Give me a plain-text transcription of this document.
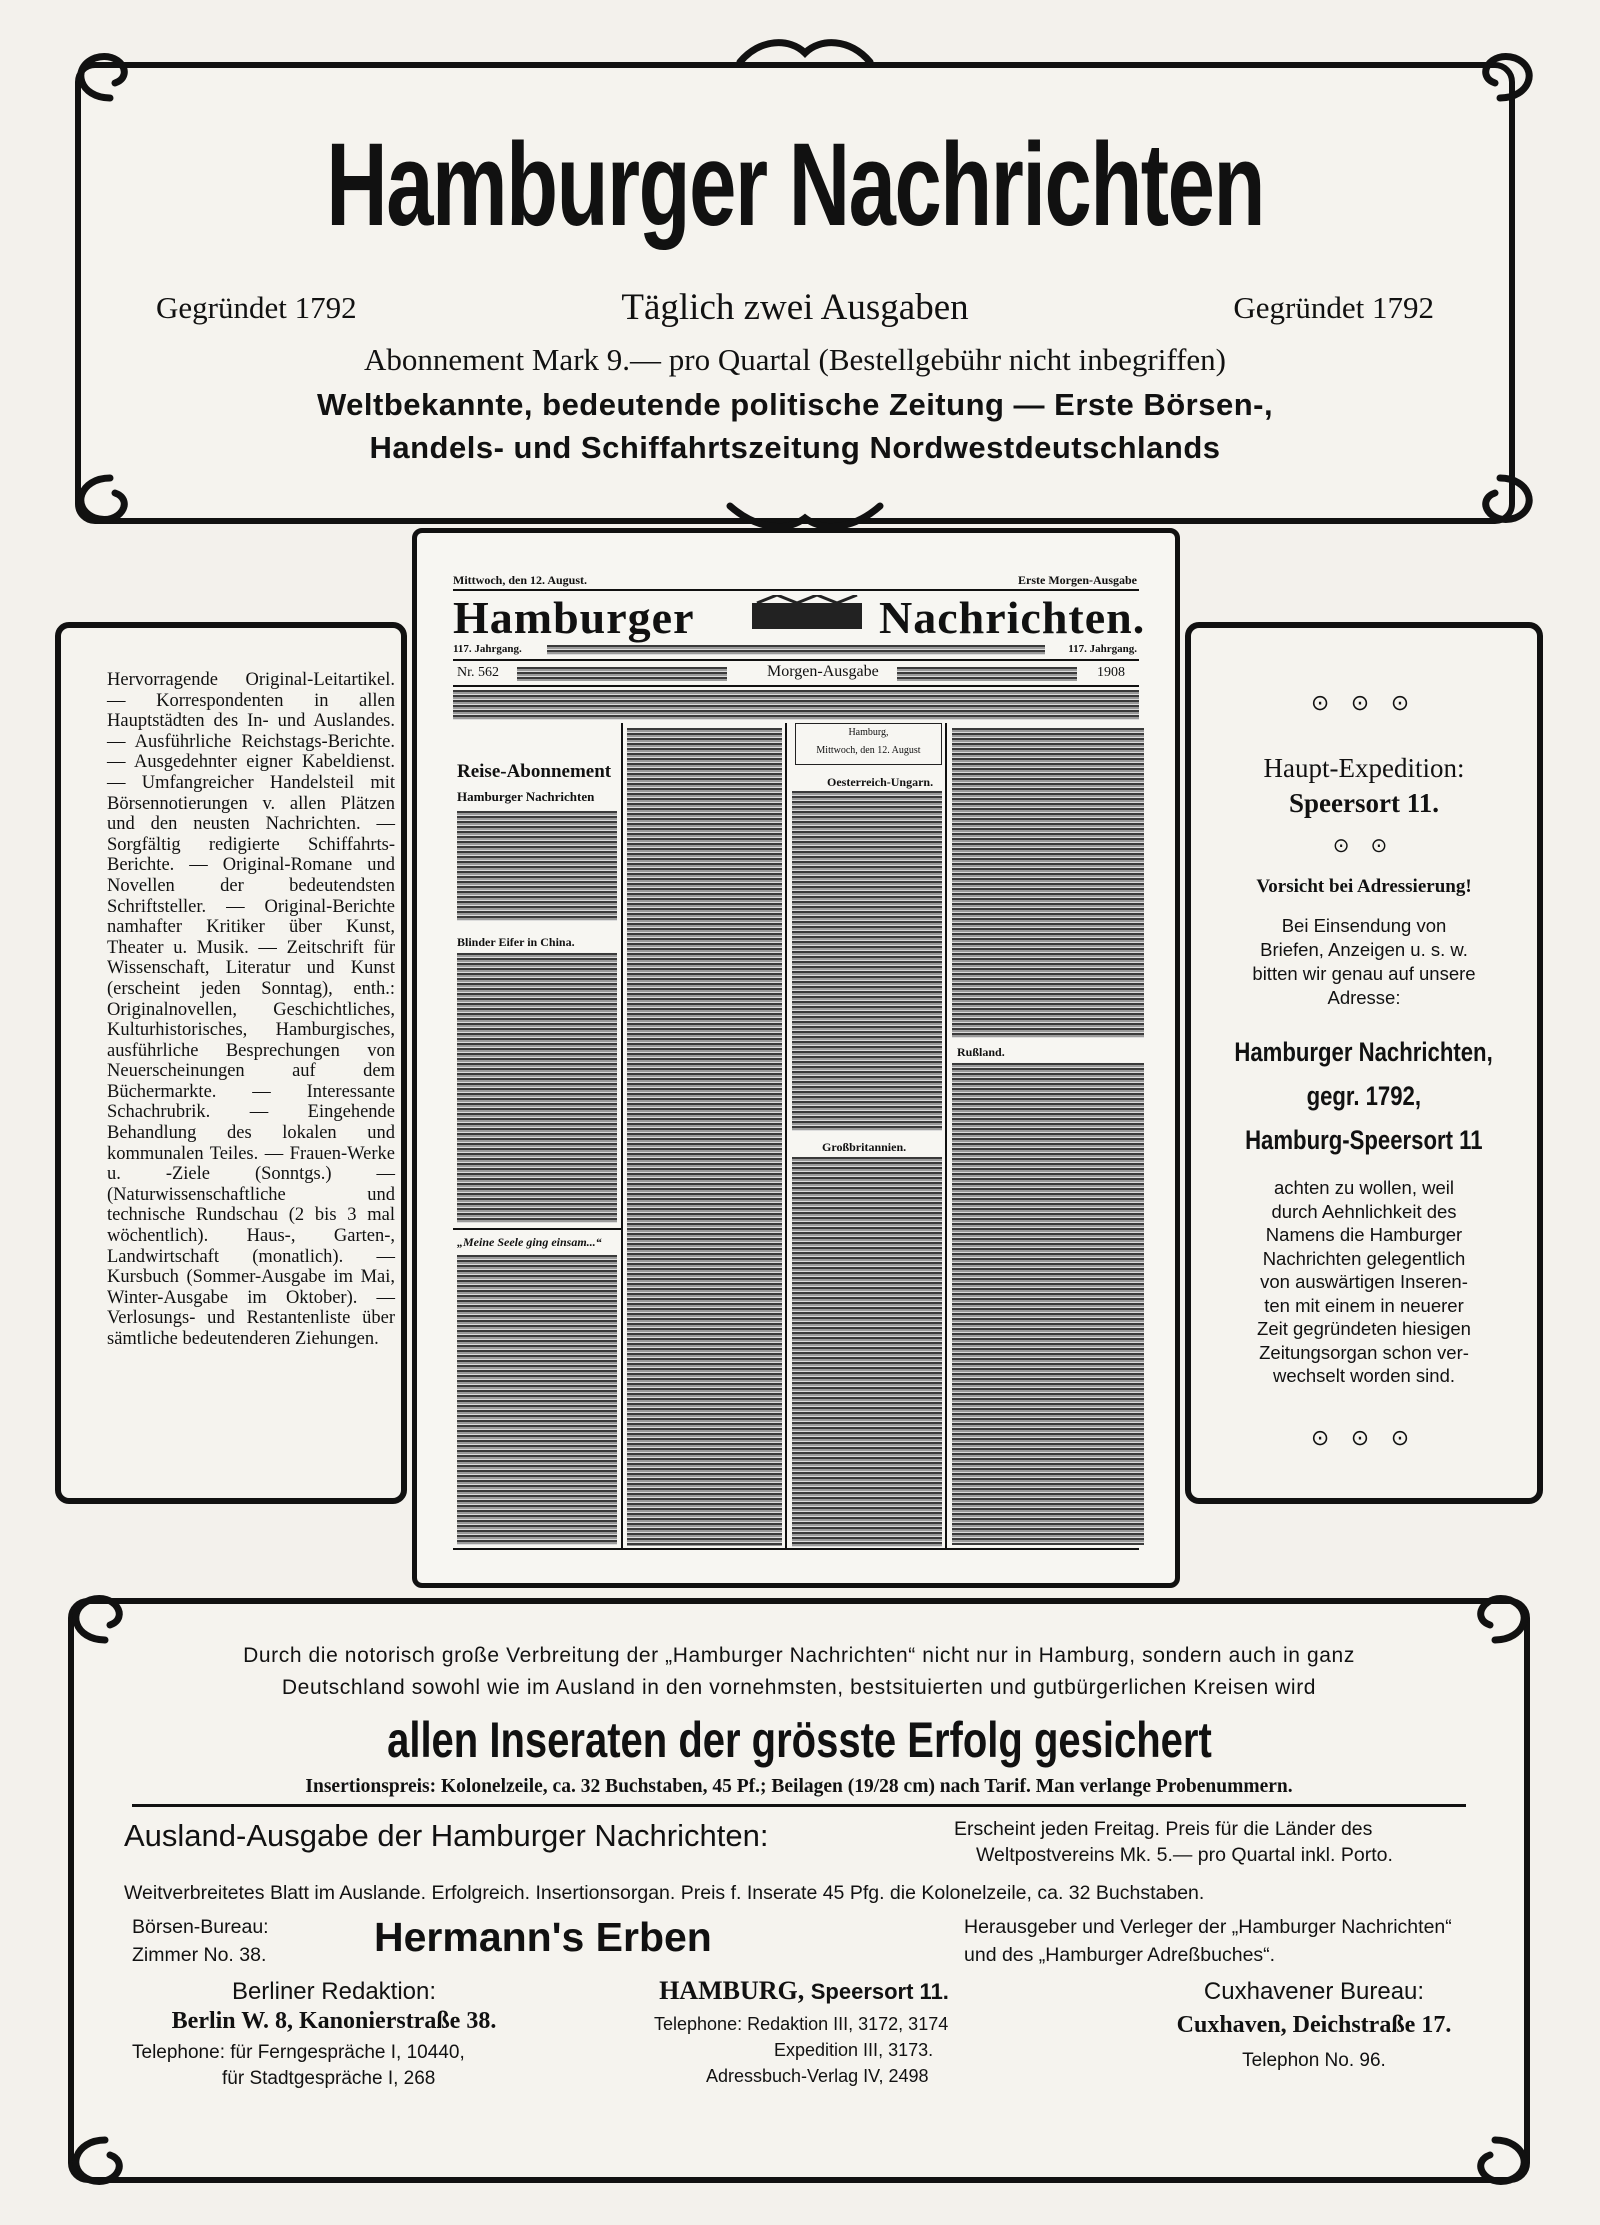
Hamburger Nachrichten
Gegründet 1792	Gegründet 1792
Täglich zwei Ausgaben
Abonnement Mark 9.— pro Quartal (Bestellgebühr nicht inbegriffen)
Weltbekannte, bedeutende politische Zeitung — Erste Börsen-,
Handels- und Schiffahrtszeitung Nordwestdeutschlands
Hervorragende Original-Leitartikel. — Korrespondenten in allen Hauptstädten des In- und Auslandes. — Ausführliche Reichstags-Berichte. — Ausgedehnter eigner Kabeldienst. — Umfangreicher Handelsteil mit Börsennotierungen v. allen Plätzen und den neusten Nachrichten. — Sorgfältig redigierte Schiffahrts-Berichte. — Original-Romane und Novellen der bedeutendsten Schriftsteller. — Original-Berichte namhafter Kritiker über Kunst, Theater u. Musik. — Zeitschrift für Wissenschaft, Literatur und Kunst (erscheint jeden Sonntag), enth.: Originalnovellen, Geschichtliches, Kulturhistorisches, Hamburgisches, ausführliche Besprechungen von Neuerscheinungen auf dem Büchermarkte. — Interessante Schachrubrik. — Eingehende Behandlung des lokalen und kommunalen Teiles. — Frauen-Werke u. -Ziele (Sonntgs.) — (Naturwissenschaftliche und technische Rundschau (2 bis 3 mal wöchentlich). Haus-, Garten-, Landwirtschaft (monatlich). — Kursbuch (Sommer-Ausgabe im Mai, Winter-Ausgabe im Oktober). — Verlosungs- und Restantenliste über sämtliche bedeutenderen Ziehungen.
⊙ ⊙ ⊙
Haupt-Expedition:
Speersort 11.
⊙ ⊙
Vorsicht bei Adressierung!
Bei Einsendung von
Briefen, Anzeigen u. s. w.
bitten wir genau auf unsere
Adresse:
Hamburger Nachrichten,
gegr. 1792,
Hamburg-Speersort 11
achten zu wollen, weil
durch Aehnlichkeit des
Namens die Hamburger
Nachrichten gelegentlich
von auswärtigen Inseren-
ten mit einem in neuerer
Zeit gegründeten hiesigen
Zeitungsorgan schon ver-
wechselt worden sind.
⊙ ⊙ ⊙
Mittwoch, den 12. August.	Erste Morgen-Ausgabe
Hamburger	Nachrichten.
117. Jahrgang.	117. Jahrgang.
Nr. 562	Morgen-Ausgabe	1908
Reise-Abonnement
Hamburger Nachrichten
Blinder Eifer in China.
„Meine Seele ging einsam...“
Hamburg,
Mittwoch, den 12. August
Oesterreich-Ungarn.
Großbritannien.
Rußland.
Durch die notorisch große Verbreitung der „Hamburger Nachrichten“ nicht nur in Hamburg, sondern auch in ganz
Deutschland sowohl wie im Ausland in den vornehmsten, bestsituierten und gutbürgerlichen Kreisen wird
allen Inseraten der grösste Erfolg gesichert
Insertionspreis: Kolonelzeile, ca. 32 Buchstaben, 45 Pf.; Beilagen (19/28 cm) nach Tarif. Man verlange Probenummern.
Ausland-Ausgabe der Hamburger Nachrichten:	Erscheint jeden Freitag. Preis für die Länder des
Weltpostvereins Mk. 5.— pro Quartal inkl. Porto.
Weitverbreitetes Blatt im Auslande. Erfolgreich. Insertionsorgan. Preis f. Inserate 45 Pfg. die Kolonelzeile, ca. 32 Buchstaben.
Börsen-Bureau:
Zimmer No. 38.	Hermann's Erben	Herausgeber und Verleger der „Hamburger Nachrichten“
und des „Hamburger Adreßbuches“.
Berliner Redaktion:
Berlin W. 8, Kanonierstraße 38.
Telephone: für Ferngespräche I, 10440,
für Stadtgespräche I, 268
HAMBURG, Speersort 11.
Telephone: Redaktion III, 3172, 3174
Expedition III, 3173.
Adressbuch-Verlag IV, 2498
Cuxhavener Bureau:
Cuxhaven, Deichstraße 17.
Telephon No. 96.
